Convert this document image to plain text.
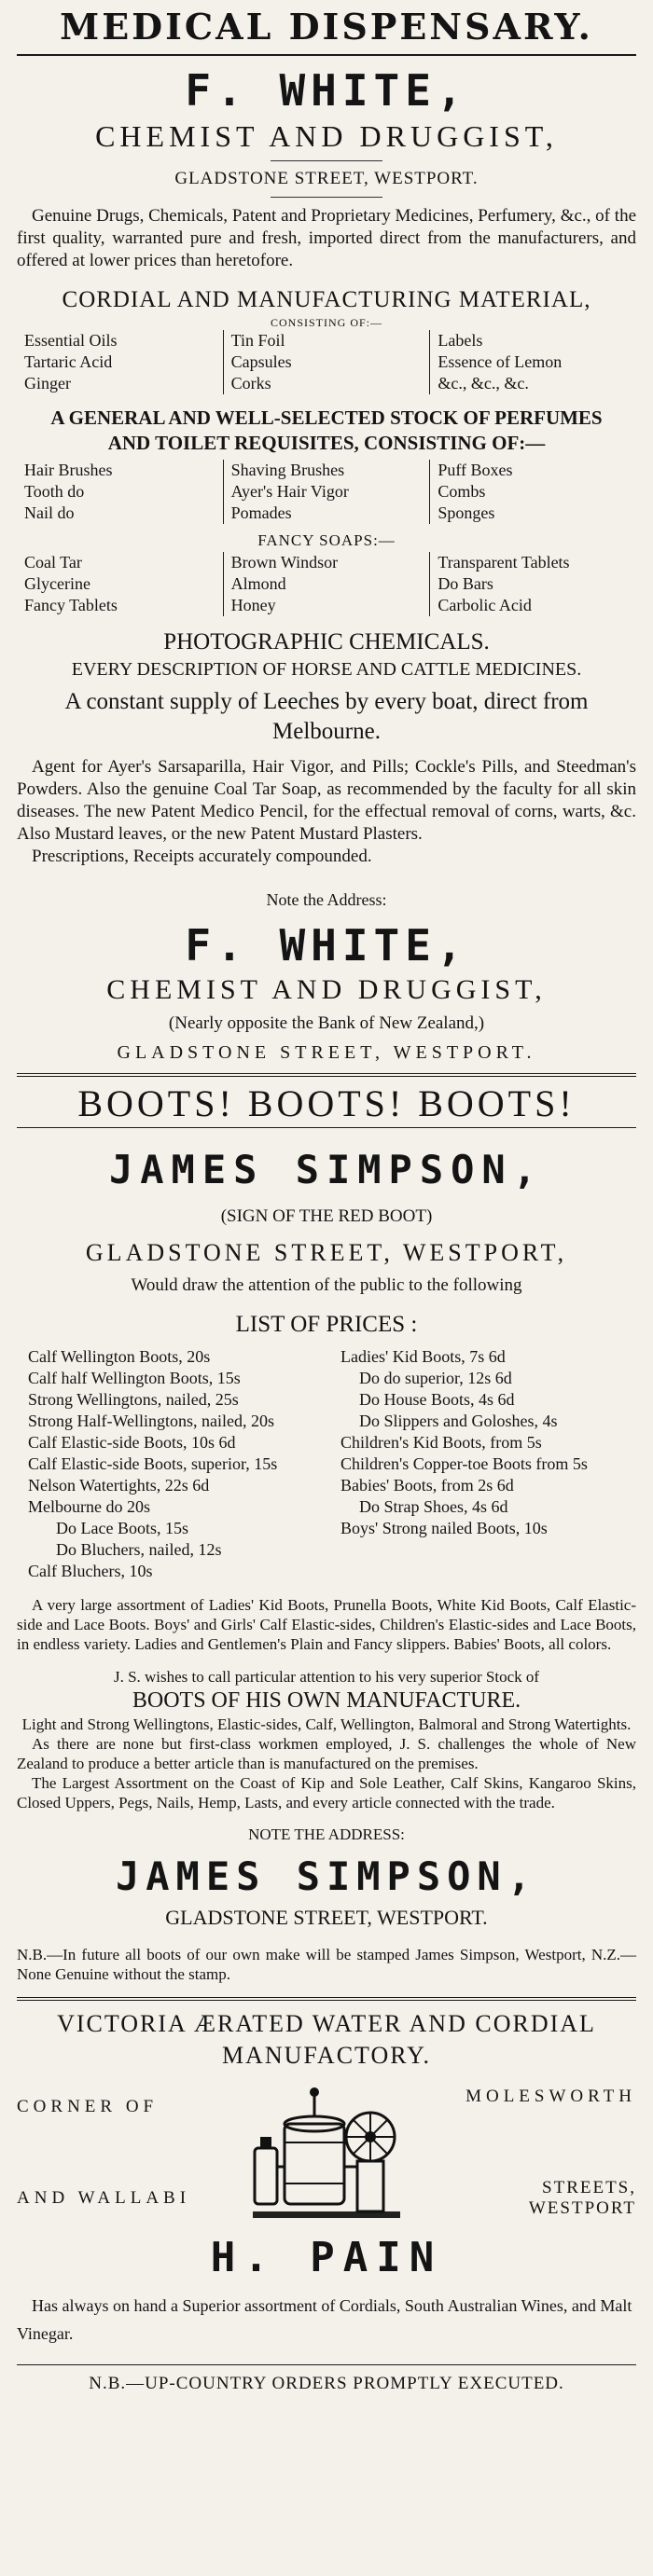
MEDICAL DISPENSARY.
F. WHITE,
CHEMIST AND DRUGGIST,
GLADSTONE STREET, WESTPORT.
Genuine Drugs, Chemicals, Patent and Proprietary Medicines, Perfumery, &c., of the first quality, warranted pure and fresh, imported direct from the manufacturers, and offered at lower prices than heretofore.
CORDIAL AND MANUFACTURING MATERIAL,
CONSISTING OF:—
Essential Oils
Tartaric Acid
Ginger
Tin Foil
Capsules
Corks
Labels
Essence of Lemon
&c., &c., &c.
A GENERAL AND WELL-SELECTED STOCK OF PERFUMES
AND TOILET REQUISITES, CONSISTING OF:—
Hair Brushes
Tooth do
Nail do
Shaving Brushes
Ayer's Hair Vigor
Pomades
Puff Boxes
Combs
Sponges
FANCY SOAPS:—
Coal Tar
Glycerine
Fancy Tablets
Brown Windsor
Almond
Honey
Transparent Tablets
Do Bars
Carbolic Acid
PHOTOGRAPHIC CHEMICALS.
EVERY DESCRIPTION OF HORSE AND CATTLE MEDICINES.
A constant supply of Leeches by every boat, direct from Melbourne.
Agent for Ayer's Sarsaparilla, Hair Vigor, and Pills; Cockle's Pills, and Steedman's Powders. Also the genuine Coal Tar Soap, as recommended by the faculty for all skin diseases. The new Patent Medico Pencil, for the effectual removal of corns, warts, &c. Also Mustard leaves, or the new Patent Mustard Plasters.
Prescriptions, Receipts accurately compounded.
Note the Address:
F. WHITE,
CHEMIST AND DRUGGIST,
(Nearly opposite the Bank of New Zealand,)
GLADSTONE STREET, WESTPORT.
BOOTS! BOOTS! BOOTS!
JAMES SIMPSON,
(SIGN OF THE RED BOOT)
GLADSTONE STREET, WESTPORT,
Would draw the attention of the public to the following
LIST OF PRICES :
Calf Wellington Boots, 20s
Calf half Wellington Boots, 15s
Strong Wellingtons, nailed, 25s
Strong Half-Wellingtons, nailed, 20s
Calf Elastic-side Boots, 10s 6d
Calf Elastic-side Boots, superior, 15s
Nelson Watertights, 22s 6d
Melbourne do 20s
Do Lace Boots, 15s
Do Bluchers, nailed, 12s
Calf Bluchers, 10s
Ladies' Kid Boots, 7s 6d
Do do superior, 12s 6d
Do House Boots, 4s 6d
Do Slippers and Goloshes, 4s
Children's Kid Boots, from 5s
Children's Copper-toe Boots from 5s
Babies' Boots, from 2s 6d
Do Strap Shoes, 4s 6d
Boys' Strong nailed Boots, 10s
A very large assortment of Ladies' Kid Boots, Prunella Boots, White Kid Boots, Calf Elastic-side and Lace Boots. Boys' and Girls' Calf Elastic-sides, Children's Elastic-sides and Lace Boots, in endless variety. Ladies and Gentlemen's Plain and Fancy slippers. Babies' Boots, all colors.
J. S. wishes to call particular attention to his very superior Stock of
BOOTS OF HIS OWN MANUFACTURE.
Light and Strong Wellingtons, Elastic-sides, Calf, Wellington, Balmoral and Strong Watertights.
As there are none but first-class workmen employed, J. S. challenges the whole of New Zealand to produce a better article than is manufactured on the premises.
The Largest Assortment on the Coast of Kip and Sole Leather, Calf Skins, Kangaroo Skins, Closed Uppers, Pegs, Nails, Hemp, Lasts, and every article connected with the trade.
NOTE THE ADDRESS:
JAMES SIMPSON,
GLADSTONE STREET, WESTPORT.
N.B.—In future all boots of our own make will be stamped James Simpson, Westport, N.Z.—None Genuine without the stamp.
VICTORIA ÆRATED WATER AND CORDIAL
MANUFACTORY.
CORNER OF
AND WALLABI
MOLESWORTH
STREETS, WESTPORT
H. PAIN
Has always on hand a Superior assortment of Cordials, South Australian Wines, and Malt Vinegar.
N.B.—UP-COUNTRY ORDERS PROMPTLY EXECUTED.
